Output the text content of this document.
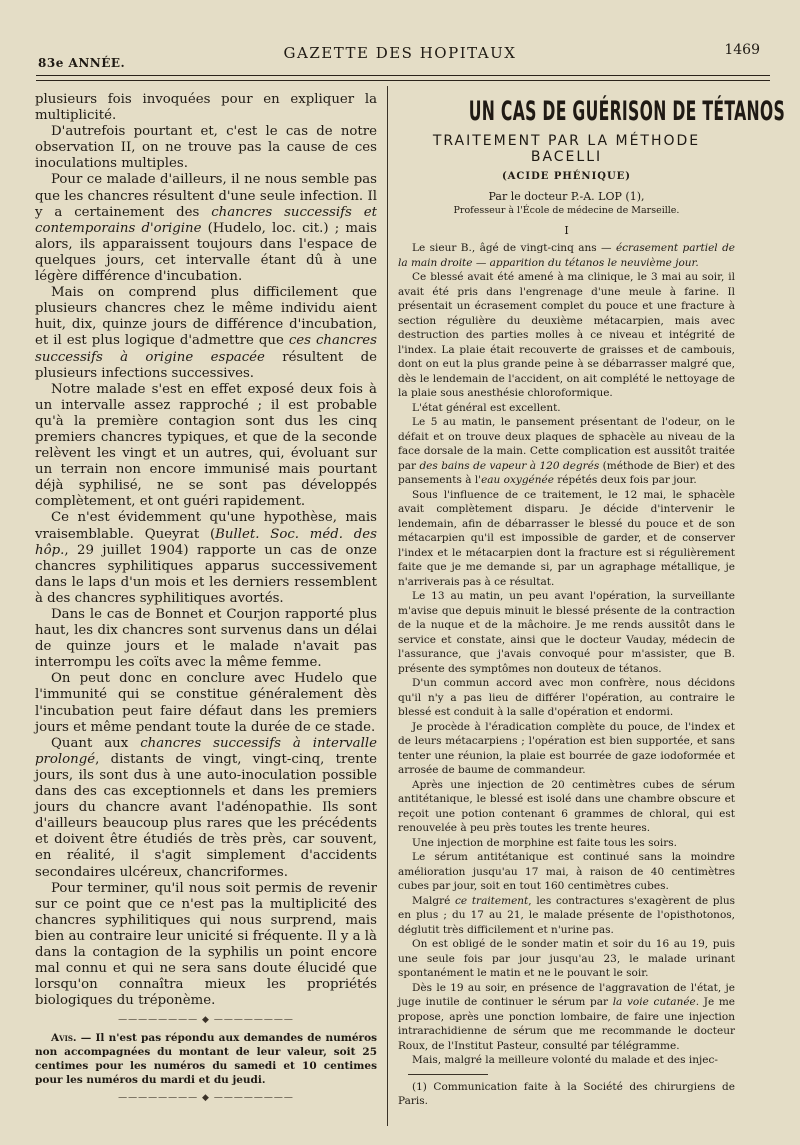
83e ANNÉE.
GAZETTE DES HOPITAUX	1469

plusieurs fois invoquées pour en expliquer la multiplicité.

D'autrefois pourtant et, c'est le cas de notre observation II, on ne trouve pas la cause de ces inoculations multiples.

Pour ce malade d'ailleurs, il ne nous semble pas que les chancres résultent d'une seule infection. Il y a certainement des chancres successifs et contemporains d'origine (Hudelo, loc. cit.) ; mais alors, ils apparaissent toujours dans l'espace de quelques jours, cet intervalle étant dû à une légère différence d'incubation.

Mais on comprend plus difficilement que plusieurs chancres chez le même individu aient huit, dix, quinze jours de différence d'incubation, et il est plus logique d'admettre que ces chancres successifs à origine espacée résultent de plusieurs infections successives.

Notre malade s'est en effet exposé deux fois à un intervalle assez rapproché ; il est probable qu'à la première contagion sont dus les cinq premiers chancres typiques, et que de la seconde relèvent les vingt et un autres, qui, évoluant sur un terrain non encore immunisé mais pourtant déjà syphilisé, ne se sont pas développés complètement, et ont guéri rapidement.

Ce n'est évidemment qu'une hypothèse, mais vraisemblable. Queyrat (Bullet. Soc. méd. des hôp., 29 juillet 1904) rapporte un cas de onze chancres syphilitiques apparus successivement dans le laps d'un mois et les derniers ressemblent à des chancres syphilitiques avortés.

Dans le cas de Bonnet et Courjon rapporté plus haut, les dix chancres sont survenus dans un délai de quinze jours et le malade n'avait pas interrompu les coïts avec la même femme.

On peut donc en conclure avec Hudelo que l'immunité qui se constitue généralement dès l'incubation peut faire défaut dans les premiers jours et même pendant toute la durée de ce stade.

Quant aux chancres successifs à intervalle prolongé, distants de vingt, vingt-cinq, trente jours, ils sont dus à une auto-inoculation possible dans des cas exceptionnels et dans les premiers jours du chancre avant l'adénopathie. Ils sont d'ailleurs beaucoup plus rares que les précédents et doivent être étudiés de très près, car souvent, en réalité, il s'agit simplement d'accidents secondaires ulcéreux, chancriformes.

Pour terminer, qu'il nous soit permis de revenir sur ce point que ce n'est pas la multiplicité des chancres syphilitiques qui nous surprend, mais bien au contraire leur unicité si fréquente. Il y a là dans la contagion de la syphilis un point encore mal connu et qui ne sera sans doute élucidé que lorsqu'on connaîtra mieux les propriétés biologiques du tréponème.

———————— ◆ ————————

Avis. — Il n'est pas répondu aux demandes de numéros non accompagnées du montant de leur valeur, soit 25 centimes pour les numéros du samedi et 10 centimes pour les numéros du mardi et du jeudi.

———————— ◆ ————————
UN CAS DE GUÉRISON DE TÉTANOS
TRAITEMENT PAR LA MÉTHODE BACELLI
(ACIDE PHÉNIQUE)
Par le docteur P.-A. LOP (1),
Professeur à l'École de médecine de Marseille.
I

Le sieur B., âgé de vingt-cinq ans — écrasement partiel de la main droite — apparition du tétanos le neuvième jour.

Ce blessé avait été amené à ma clinique, le 3 mai au soir, il avait été pris dans l'engrenage d'une meule à farine. Il présentait un écrasement complet du pouce et une fracture à section régulière du deuxième métacarpien, mais avec destruction des parties molles à ce niveau et intégrité de l'index. La plaie était recouverte de graisses et de cambouis, dont on eut la plus grande peine à se débarrasser malgré que, dès le lendemain de l'accident, on ait complété le nettoyage de la plaie sous anesthésie chloroformique.

L'état général est excellent.

Le 5 au matin, le pansement présentant de l'odeur, on le défait et on trouve deux plaques de sphacèle au niveau de la face dorsale de la main. Cette complication est aussitôt traitée par des bains de vapeur à 120 degrés (méthode de Bier) et des pansements à l'eau oxygénée répétés deux fois par jour.

Sous l'influence de ce traitement, le 12 mai, le sphacèle avait complètement disparu. Je décide d'intervenir le lendemain, afin de débarrasser le blessé du pouce et de son métacarpien qu'il est impossible de garder, et de conserver l'index et le métacarpien dont la fracture est si régulièrement faite que je me demande si, par un agraphage métallique, je n'arriverais pas à ce résultat.

Le 13 au matin, un peu avant l'opération, la surveillante m'avise que depuis minuit le blessé présente de la contraction de la nuque et de la mâchoire. Je me rends aussitôt dans le service et constate, ainsi que le docteur Vauday, médecin de l'assurance, que j'avais convoqué pour m'assister, que B. présente des symptômes non douteux de tétanos.

D'un commun accord avec mon confrère, nous décidons qu'il n'y a pas lieu de différer l'opération, au contraire le blessé est conduit à la salle d'opération et endormi.

Je procède à l'éradication complète du pouce, de l'index et de leurs métacarpiens ; l'opération est bien supportée, et sans tenter une réunion, la plaie est bourrée de gaze iodoformée et arrosée de baume de commandeur.

Après une injection de 20 centimètres cubes de sérum antitétanique, le blessé est isolé dans une chambre obscure et reçoit une potion contenant 6 grammes de chloral, qui est renouvelée à peu près toutes les trente heures.

Une injection de morphine est faite tous les soirs.

Le sérum antitétanique est continué sans la moindre amélioration jusqu'au 17 mai, à raison de 40 centimètres cubes par jour, soit en tout 160 centimètres cubes.

Malgré ce traitement, les contractures s'exagèrent de plus en plus ; du 17 au 21, le malade présente de l'opisthotonos, déglutit très difficilement et n'urine pas.

On est obligé de le sonder matin et soir du 16 au 19, puis une seule fois par jour jusqu'au 23, le malade urinant spontanément le matin et ne le pouvant le soir.

Dès le 19 au soir, en présence de l'aggravation de l'état, je juge inutile de continuer le sérum par la voie cutanée. Je me propose, après une ponction lombaire, de faire une injection intrarachidienne de sérum que me recommande le docteur Roux, de l'Institut Pasteur, consulté par télégramme.

Mais, malgré la meilleure volonté du malade et des injec-

(1) Communication faite à la Société des chirurgiens de Paris.
